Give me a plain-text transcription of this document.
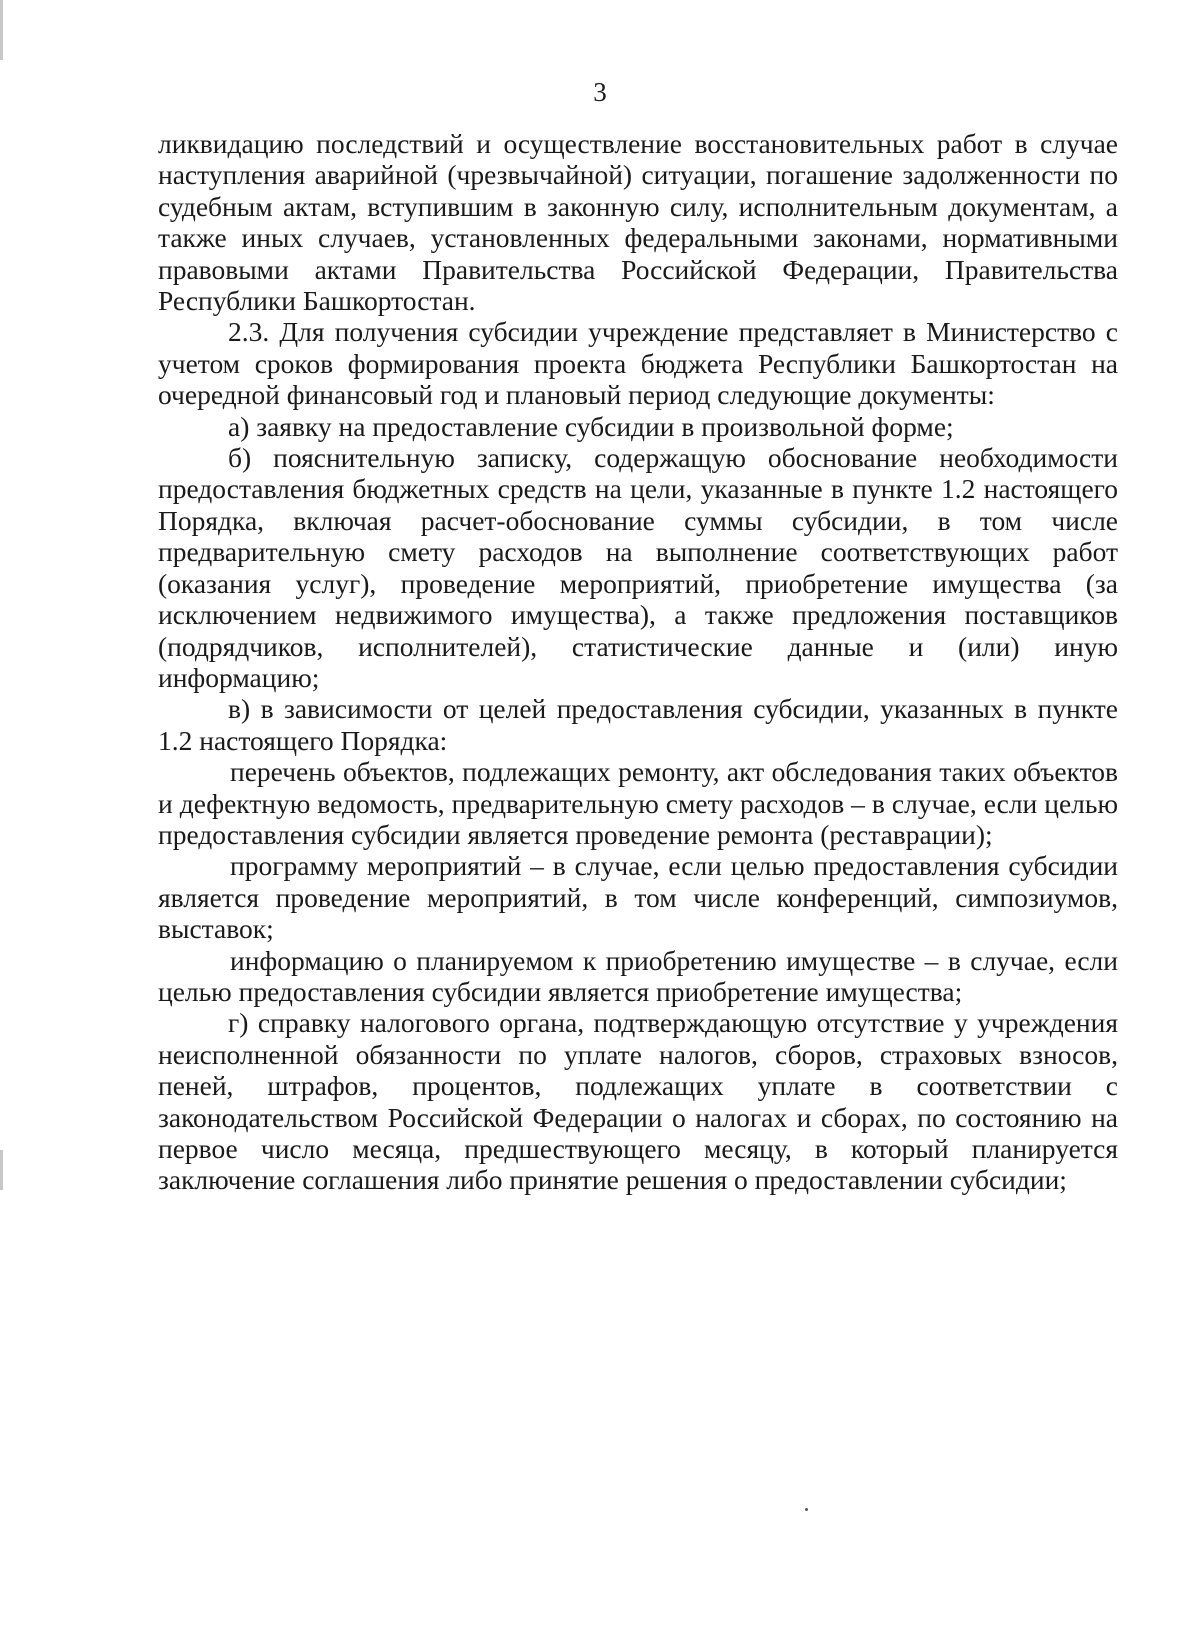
3

ликвидацию последствий и осуществление восстановительных работ в случае наступления аварийной (чрезвычайной) ситуации, погашение задолженности по судебным актам, вступившим в законную силу, исполнительным документам, а также иных случаев, установленных федеральными законами, нормативными правовыми актами Правительства Российской Федерации, Правительства Республики Башкортостан.

2.3. Для получения субсидии учреждение представляет в Министерство с учетом сроков формирования проекта бюджета Республики Башкортостан на очередной финансовый год и плановый период следующие документы:

а) заявку на предоставление субсидии в произвольной форме;

б) пояснительную записку, содержащую обоснование необходимости предоставления бюджетных средств на цели, указанные в пункте 1.2 настоящего Порядка, включая расчет-обоснование суммы субсидии, в том числе предварительную смету расходов на выполнение соответствующих работ (оказания услуг), проведение мероприятий, приобретение имущества (за исключением недвижимого имущества), а также предложения поставщиков (подрядчиков, исполнителей), статистические данные и (или) иную информацию;

в) в зависимости от целей предоставления субсидии, указанных в пункте 1.2 настоящего Порядка:

перечень объектов, подлежащих ремонту, акт обследования таких объектов и дефектную ведомость, предварительную смету расходов – в случае, если целью предоставления субсидии является проведение ремонта (реставрации);

программу мероприятий – в случае, если целью предоставления субсидии является проведение мероприятий, в том числе конференций, симпозиумов, выставок;

информацию о планируемом к приобретению имуществе – в случае, если целью предоставления субсидии является приобретение имущества;

г) справку налогового органа, подтверждающую отсутствие у учреждения неисполненной обязанности по уплате налогов, сборов, страховых взносов, пеней, штрафов, процентов, подлежащих уплате в соответствии с законодательством Российской Федерации о налогах и сборах, по состоянию на первое число месяца, предшествующего месяцу, в который планируется заключение соглашения либо принятие решения о предоставлении субсидии;
